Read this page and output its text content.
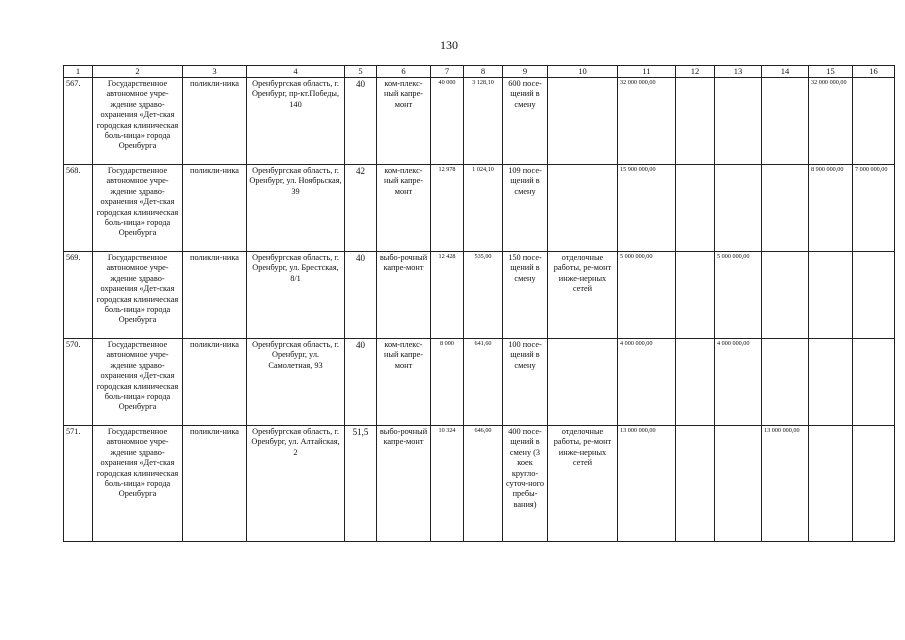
130
1	2	3	4	5	6	7	8	9	10	11	12	13	14	15	16
567.	Государственное автономное учре-ждение здраво-охранения «Дет-ская городская клиническая боль-ница» города Оренбурга	поликли-ника	Оренбургская область, г. Оренбург, пр-кт.Победы, 140	40	ком-плекс-ный капре-монт	40 000	3 128,10	600 посе-щений в смену		32 000 000,00				32 000 000,00	
568.	Государственное автономное учре-ждение здраво-охранения «Дет-ская городская клиническая боль-ница» города Оренбурга	поликли-ника	Оренбургская область, г. Оренбург, ул. Ноябрьская, 39	42	ком-плекс-ный капре-монт	12 978	1 024,10	109 посе-щений в смену		15 900 000,00				8 900 000,00	7 000 000,00
569.	Государственное автономное учре-ждение здраво-охранения «Дет-ская городская клиническая боль-ница» города Оренбурга	поликли-ника	Оренбургская область, г. Оренбург, ул. Брестская, 8/1	40	выбо-рочный капре-монт	12 428	535,00	150 посе-щений в смену	отделочные работы, ре-монт инже-нерных сетей	5 000 000,00		5 000 000,00			
570.	Государственное автономное учре-ждение здраво-охранения «Дет-ская городская клиническая боль-ница» города Оренбурга	поликли-ника	Оренбургская область, г. Оренбург, ул. Самолетная, 93	40	ком-плекс-ный капре-монт	8 000	641,60	100 посе-щений в смену		4 000 000,00		4 000 000,00			
571.	Государственное автономное учре-ждение здраво-охранения «Дет-ская городская клиническая боль-ница» города Оренбурга	поликли-ника	Оренбургская область, г. Оренбург, ул. Алтайская, 2	51,5	выбо-рочный капре-монт	10 324	646,00	400 посе-щений в смену (3 коек кругло-суточ-ного пребы-вания)	отделочные работы, ре-монт инже-нерных сетей	13 000 000,00			13 000 000,00		
